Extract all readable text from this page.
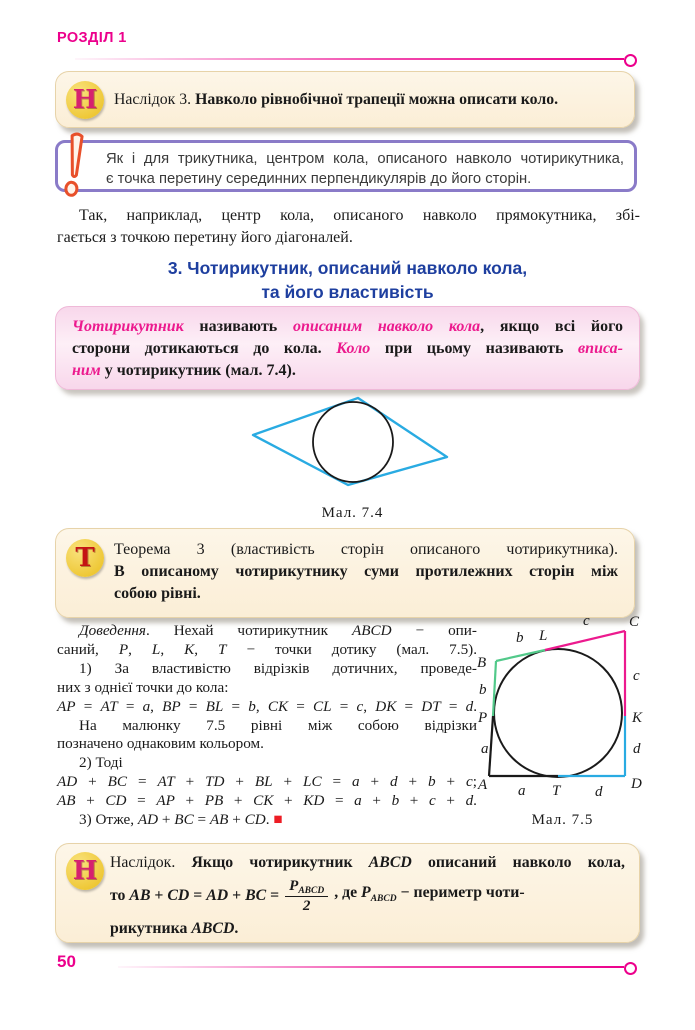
РОЗДІЛ 1
Н	Наслідок 3. Навколо рівнобічної трапеції можна описати коло.
Як і для трикутника, центром кола, описаного навколо чотирикутника,
є точка перетину серединних перпендикулярів до його сторін.
Так, наприклад, центр кола, описаного навколо прямокутника, збі-
гається з точкою перетину його діагоналей.
3. Чотирикутник, описаний навколо кола,
та його властивість
Чотирикутник називають описаним навколо кола, якщо всі його
сторони дотикаються до кола. Коло при цьому називають вписа-
ним у чотирикутник (мал. 7.4).
Мал. 7.4
Т	Теорема 3 (властивість сторін описаного чотирикутника).
В описаному чотирикутнику суми протилежних сторін між
собою рівні.
Доведення. Нехай чотирикутник ABCD − опи-
саний, P, L, K, T − точки дотику (мал. 7.5).
1) За властивістю відрізків дотичних, проведе-
них з однієї точки до кола:
AP = AT = a, BP = BL = b, CK = CL = c, DK = DT = d.
На малюнку 7.5 рівні між собою відрізки
позначено однаковим кольором.
2) Тоді
AD + BC = AT + TD + BL + LC = a + d + b + c;
AB + CD = AP + PB + CK + KD = a + b + c + d.
3) Отже, AD + BC = AB + CD. ■
B
b L
c	C
b
P
c
K
a	d
A a T d D
Мал. 7.5
Н Наслідок. Якщо чотирикутник ABCD описаний навколо кола,
то AB + CD = AD + BC = $\frac{\text{P ABCD}}{2}$ , де $P_{ABCD}$ − периметр чоти-
рикутника ABCD.
50
